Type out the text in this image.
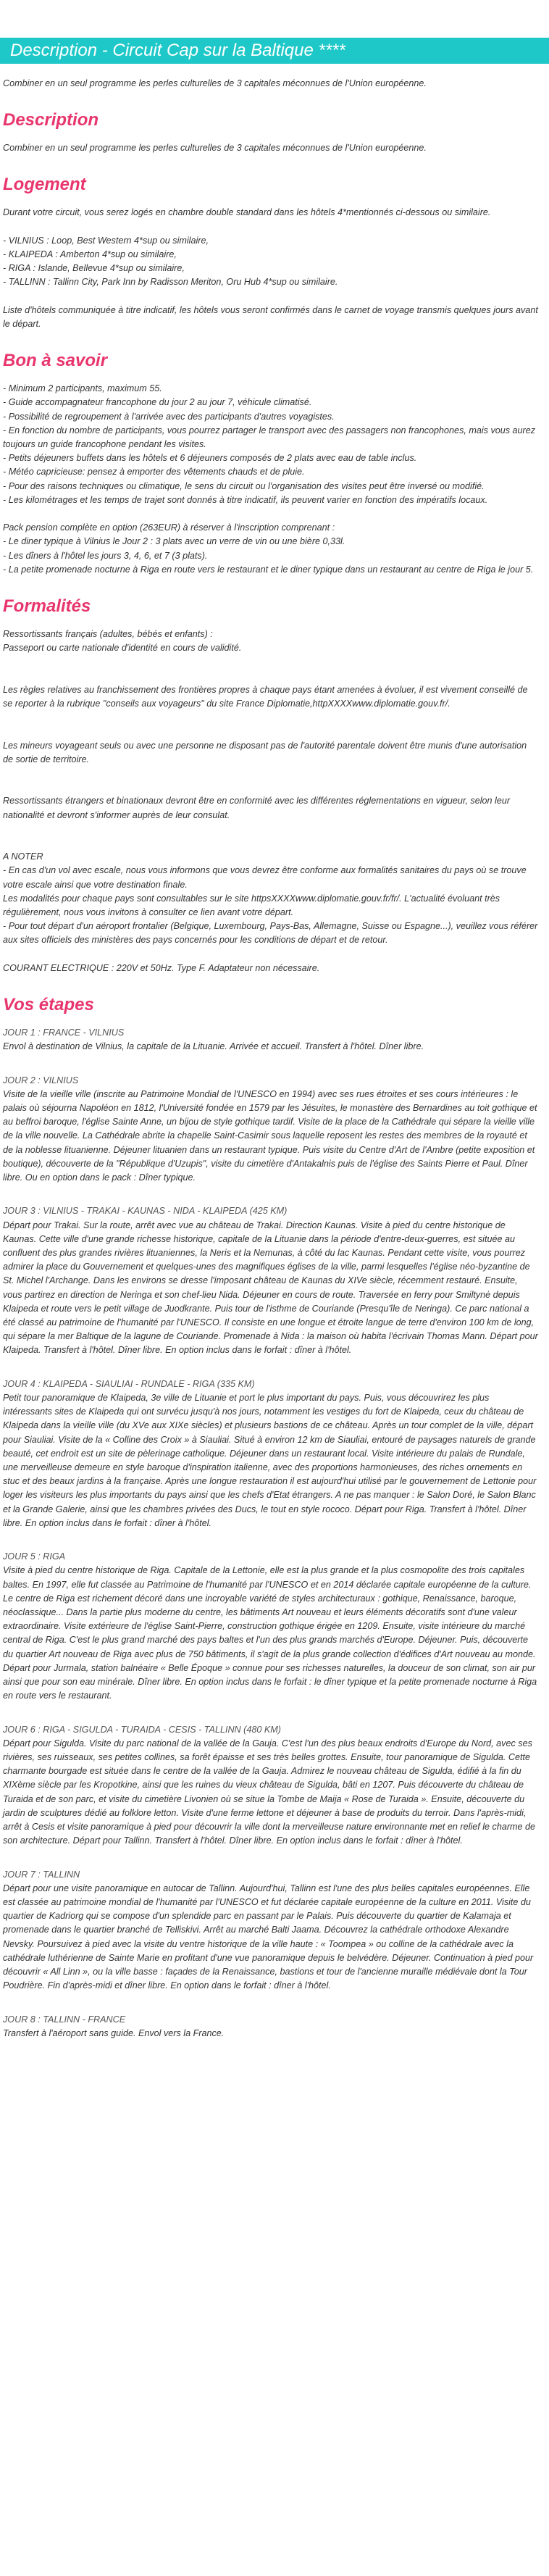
Description - Circuit Cap sur la Baltique ****

Combiner en un seul programme les perles culturelles de 3 capitales méconnues de l'Union européenne.

Description

Combiner en un seul programme les perles culturelles de 3 capitales méconnues de l'Union européenne.

Logement

Durant votre circuit, vous serez logés en chambre double standard dans les hôtels 4*mentionnés ci-dessous ou similaire.

- VILNIUS : Loop, Best Western 4*sup ou similaire,

- KLAIPEDA : Amberton 4*sup ou similaire,

- RIGA : Islande, Bellevue 4*sup ou similaire,

- TALLINN : Tallinn City, Park Inn by Radisson Meriton, Oru Hub 4*sup ou similaire.

Liste d'hôtels communiquée à titre indicatif, les hôtels vous seront confirmés dans le carnet de voyage transmis quelques jours avant le départ.

Bon à savoir

- Minimum 2 participants, maximum 55.

- Guide accompagnateur francophone du jour 2 au jour 7, véhicule climatisé.

- Possibilité de regroupement à l'arrivée avec des participants d'autres voyagistes.

- En fonction du nombre de participants, vous pourrez partager le transport avec des passagers non francophones, mais vous aurez toujours un guide francophone pendant les visites.

- Petits déjeuners buffets dans les hôtels et 6 déjeuners composés de 2 plats avec eau de table inclus.

- Météo capricieuse: pensez à emporter des vêtements chauds et de pluie.

- Pour des raisons techniques ou climatique, le sens du circuit ou l'organisation des visites peut être inversé ou modifié.

- Les kilométrages et les temps de trajet sont donnés à titre indicatif, ils peuvent varier en fonction des impératifs locaux.

Pack pension complète en option (263EUR) à réserver à l'inscription comprenant :

- Le diner typique à Vilnius le Jour 2 : 3 plats avec un verre de vin ou une bière 0,33l.

- Les dîners à l'hôtel les jours 3, 4, 6, et 7 (3 plats).

- La petite promenade nocturne à Riga en route vers le restaurant et le diner typique dans un restaurant au centre de Riga le jour 5.

Formalités

Ressortissants français (adultes, bébés et enfants) :

Passeport ou carte nationale d'identité en cours de validité.

Les règles relatives au franchissement des frontières propres à chaque pays étant amenées à évoluer, il est vivement conseillé de se reporter à la rubrique "conseils aux voyageurs" du site France Diplomatie,httpXXXXwww.diplomatie.gouv.fr/.

Les mineurs voyageant seuls ou avec une personne ne disposant pas de l'autorité parentale doivent être munis d'une autorisation de sortie de territoire.

Ressortissants étrangers et binationaux devront être en conformité avec les différentes réglementations en vigueur, selon leur nationalité et devront s'informer auprès de leur consulat.

A NOTER

- En cas d'un vol avec escale, nous vous informons que vous devrez être conforme aux formalités sanitaires du pays où se trouve votre escale ainsi que votre destination finale.

Les modalités pour chaque pays sont consultables sur le site httpsXXXXwww.diplomatie.gouv.fr/fr/. L'actualité évoluant très régulièrement, nous vous invitons à consulter ce lien avant votre départ.

- Pour tout départ d'un aéroport frontalier (Belgique, Luxembourg, Pays-Bas, Allemagne, Suisse ou Espagne...), veuillez vous référer aux sites officiels des ministères des pays concernés pour les conditions de départ et de retour.

COURANT ELECTRIQUE : 220V et 50Hz. Type F. Adaptateur non nécessaire.

Vos étapes

JOUR 1 : FRANCE - VILNIUS

Envol à destination de Vilnius, la capitale de la Lituanie. Arrivée et accueil. Transfert à l'hôtel. Dîner libre.

JOUR 2 : VILNIUS

Visite de la vieille ville (inscrite au Patrimoine Mondial de l'UNESCO en 1994) avec ses rues étroites et ses cours intérieures : le palais où séjourna Napoléon en 1812, l'Université fondée en 1579 par les Jésuites, le monastère des Bernardines au toit gothique et au beffroi baroque, l'église Sainte Anne, un bijou de style gothique tardif. Visite de la place de la Cathédrale qui sépare la vieille ville de la ville nouvelle. La Cathédrale abrite la chapelle Saint-Casimir sous laquelle reposent les restes des membres de la royauté et de la noblesse lituanienne. Déjeuner lituanien dans un restaurant typique. Puis visite du Centre d'Art de l'Ambre (petite exposition et boutique), découverte de la "République d'Uzupis", visite du cimetière d'Antakalnis puis de l'église des Saints Pierre et Paul. Dîner libre. Ou en option dans le pack : Dîner typique.

JOUR 3 : VILNIUS - TRAKAI - KAUNAS - NIDA - KLAIPEDA (425 KM)

Départ pour Trakai. Sur la route, arrêt avec vue au château de Trakai. Direction Kaunas. Visite à pied du centre historique de Kaunas. Cette ville d'une grande richesse historique, capitale de la Lituanie dans la période d'entre-deux-guerres, est située au confluent des plus grandes rivières lituaniennes, la Neris et la Nemunas, à côté du lac Kaunas. Pendant cette visite, vous pourrez admirer la place du Gouvernement et quelques-unes des magnifiques églises de la ville, parmi lesquelles l'église néo-byzantine de St. Michel l'Archange. Dans les environs se dresse l'imposant château de Kaunas du XIVe siècle, récemment restauré. Ensuite, vous partirez en direction de Neringa et son chef-lieu Nida. Déjeuner en cours de route. Traversée en ferry pour Smiltynė depuis Klaipeda et route vers le petit village de Juodkrante. Puis tour de l'isthme de Couriande (Presqu'île de Neringa). Ce parc national a été classé au patrimoine de l'humanité par l'UNESCO. Il consiste en une longue et étroite langue de terre d'environ 100 km de long, qui sépare la mer Baltique de la lagune de Couriande. Promenade à Nida : la maison où habita l'écrivain Thomas Mann. Départ pour Klaipeda. Transfert à l'hôtel. Dîner libre. En option inclus dans le forfait : dîner à l'hôtel.

JOUR 4 : KLAIPEDA - SIAULIAI - RUNDALE - RIGA (335 KM)

Petit tour panoramique de Klaipeda, 3e ville de Lituanie et port le plus important du pays. Puis, vous découvrirez les plus intéressants sites de Klaipeda qui ont survécu jusqu'à nos jours, notamment les vestiges du fort de Klaipeda, ceux du château de Klaipeda dans la vieille ville (du XVe aux XIXe siècles) et plusieurs bastions de ce château. Après un tour complet de la ville, départ pour Siauliai. Visite de la « Colline des Croix » à Siauliai. Situé à environ 12 km de Siauliai, entouré de paysages naturels de grande beauté, cet endroit est un site de pèlerinage catholique. Déjeuner dans un restaurant local. Visite intérieure du palais de Rundale, une merveilleuse demeure en style baroque d'inspiration italienne, avec des proportions harmonieuses, des riches ornements en stuc et des beaux jardins à la française. Après une longue restauration il est aujourd'hui utilisé par le gouvernement de Lettonie pour loger les visiteurs les plus importants du pays ainsi que les chefs d'Etat étrangers. A ne pas manquer : le Salon Doré, le Salon Blanc et la Grande Galerie, ainsi que les chambres privées des Ducs, le tout en style rococo. Départ pour Riga. Transfert à l'hôtel. Dîner libre. En option inclus dans le forfait : dîner à l'hôtel.

JOUR 5 : RIGA

Visite à pied du centre historique de Riga. Capitale de la Lettonie, elle est la plus grande et la plus cosmopolite des trois capitales baltes. En 1997, elle fut classée au Patrimoine de l'humanité par l'UNESCO et en 2014 déclarée capitale européenne de la culture. Le centre de Riga est richement décoré dans une incroyable variété de styles architecturaux : gothique, Renaissance, baroque, néoclassique... Dans la partie plus moderne du centre, les bâtiments Art nouveau et leurs éléments décoratifs sont d'une valeur extraordinaire. Visite extérieure de l'église Saint-Pierre, construction gothique érigée en 1209. Ensuite, visite intérieure du marché central de Riga. C'est le plus grand marché des pays baltes et l'un des plus grands marchés d'Europe. Déjeuner. Puis, découverte du quartier Art nouveau de Riga avec plus de 750 bâtiments, il s'agit de la plus grande collection d'édifices d'Art nouveau au monde. Départ pour Jurmala, station balnéaire « Belle Époque » connue pour ses richesses naturelles, la douceur de son climat, son air pur ainsi que pour son eau minérale. Dîner libre. En option inclus dans le forfait : le dîner typique et la petite promenade nocturne à Riga en route vers le restaurant.

JOUR 6 : RIGA - SIGULDA - TURAIDA - CESIS - TALLINN (480 KM)

Départ pour Sigulda. Visite du parc national de la vallée de la Gauja. C'est l'un des plus beaux endroits d'Europe du Nord, avec ses rivières, ses ruisseaux, ses petites collines, sa forêt épaisse et ses très belles grottes. Ensuite, tour panoramique de Sigulda. Cette charmante bourgade est située dans le centre de la vallée de la Gauja. Admirez le nouveau château de Sigulda, édifié à la fin du XIXème siècle par les Kropotkine, ainsi que les ruines du vieux château de Sigulda, bâti en 1207. Puis découverte du château de Turaida et de son parc, et visite du cimetière Livonien où se situe la Tombe de Maija « Rose de Turaida ». Ensuite, découverte du jardin de sculptures dédié au folklore letton. Visite d'une ferme lettone et déjeuner à base de produits du terroir. Dans l'après-midi, arrêt à Cesis et visite panoramique à pied pour découvrir la ville dont la merveilleuse nature environnante met en relief le charme de son architecture. Départ pour Tallinn. Transfert à l'hôtel. Dîner libre. En option inclus dans le forfait : dîner à l'hôtel.

JOUR 7 : TALLINN

Départ pour une visite panoramique en autocar de Tallinn. Aujourd'hui, Tallinn est l'une des plus belles capitales européennes. Elle est classée au patrimoine mondial de l'humanité par l'UNESCO et fut déclarée capitale européenne de la culture en 2011. Visite du quartier de Kadriorg qui se compose d'un splendide parc en passant par le Palais. Puis découverte du quartier de Kalamaja et promenade dans le quartier branché de Telliskivi. Arrêt au marché Balti Jaama. Découvrez la cathédrale orthodoxe Alexandre Nevsky. Poursuivez à pied avec la visite du ventre historique de la ville haute : « Toompea » ou colline de la cathédrale avec la cathédrale luthérienne de Sainte Marie en profitant d'une vue panoramique depuis le belvédère. Déjeuner. Continuation à pied pour découvrir « All Linn », ou la ville basse : façades de la Renaissance, bastions et tour de l'ancienne muraille médiévale dont la Tour Poudrière. Fin d'après-midi et dîner libre. En option dans le forfait : dîner à l'hôtel.

JOUR 8 : TALLINN - FRANCE

Transfert à l'aéroport sans guide. Envol vers la France.
